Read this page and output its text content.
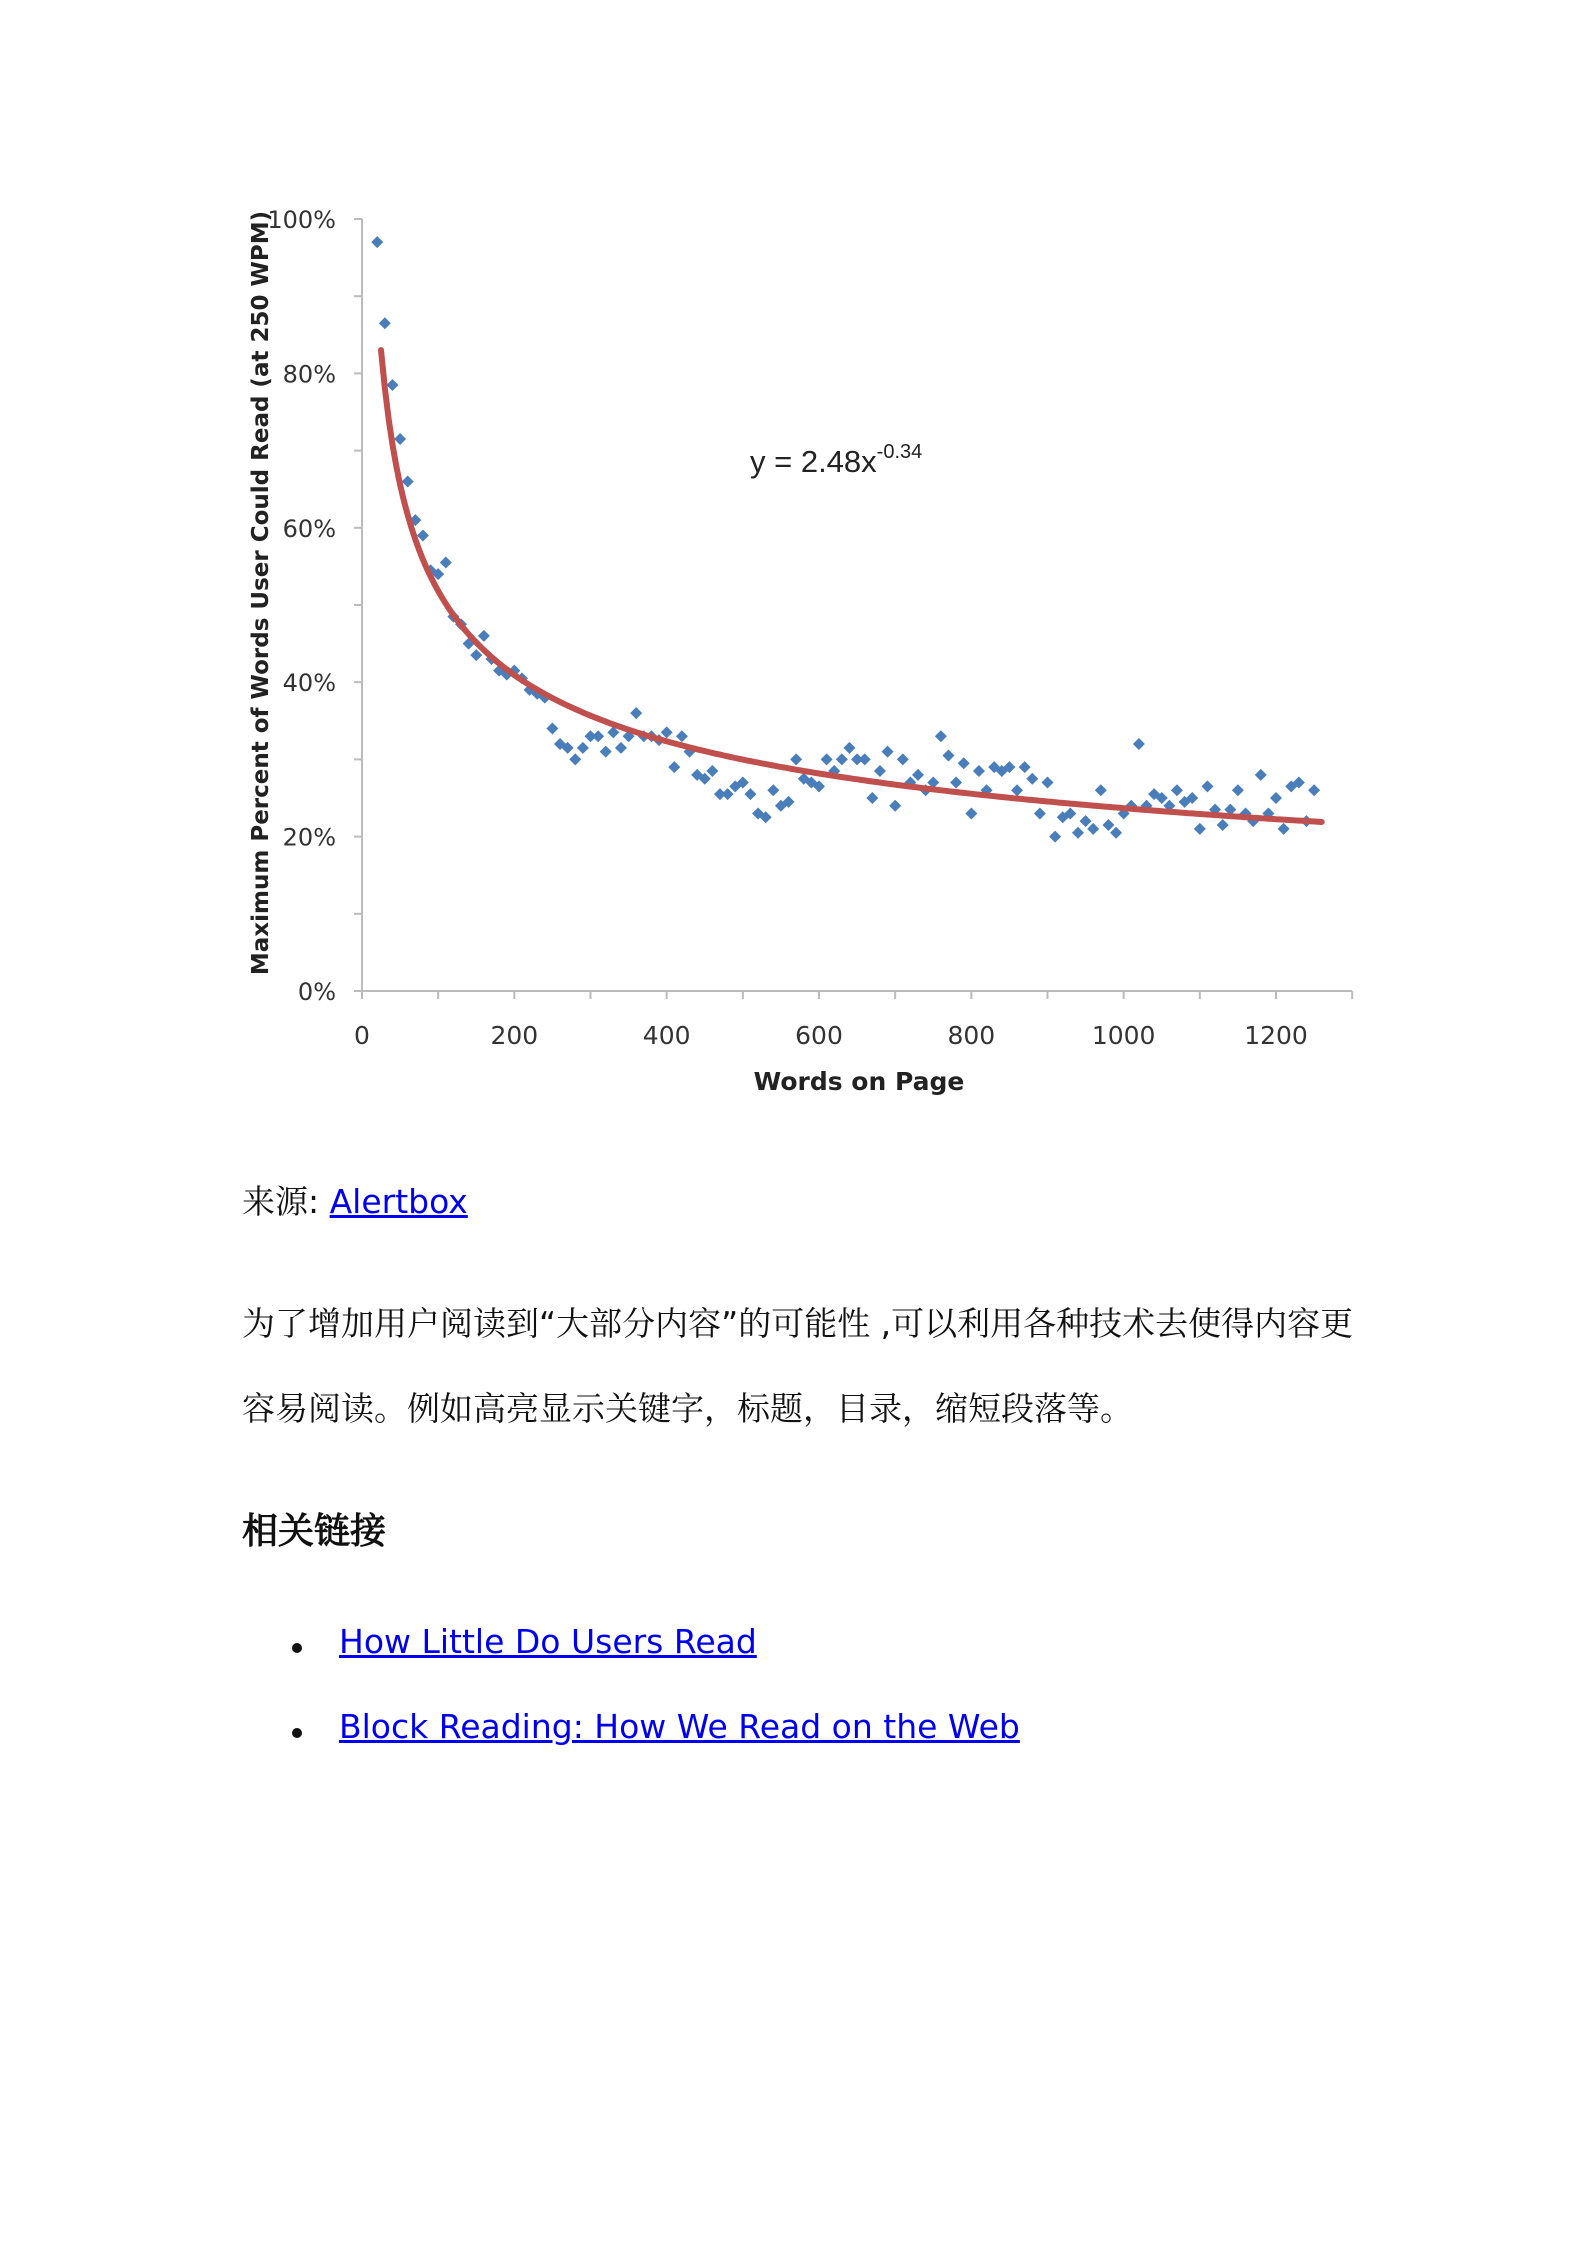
0%
20%
40%
60%
80%
100%
0	200	400	600	800	1000	1200
$y = 2.48x^{-0.34}$
Words on Page
Maximum Percent of Words User Could Read (at 250 WPM)
来源: Alertbox
为了增加用户阅读到“大部分内容”的可能性 ,可以利用各种技术去使得内容更
容易阅读。例如高亮显示关键字，标题，目录，缩短段落等。
相关链接
How Little Do Users Read
Block Reading: How We Read on the Web
